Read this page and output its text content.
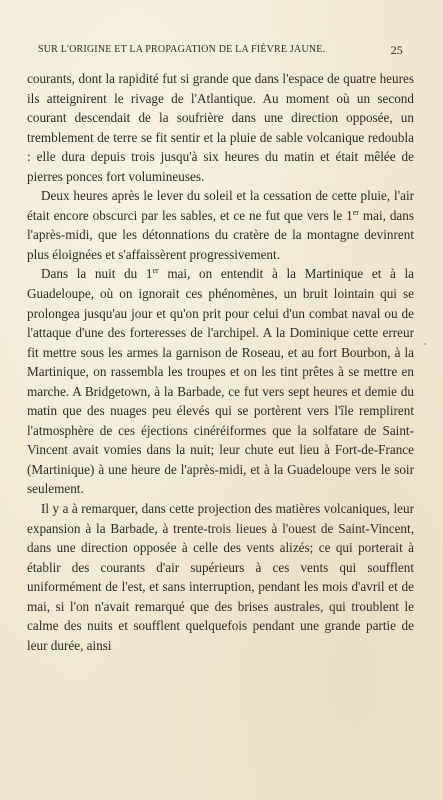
SUR L'ORIGINE ET LA PROPAGATION DE LA FIÈVRE JAUNE.	25

courants, dont la rapidité fut si grande que dans l'espace de quatre heures ils atteignirent le rivage de l'Atlantique. Au moment où un second courant descendait de la soufrière dans une direction opposée, un tremblement de terre se fit sentir et la pluie de sable volcanique redoubla : elle dura depuis trois jusqu'à six heures du matin et était mêlée de pierres ponces fort volumineuses.

Deux heures après le lever du soleil et la cessation de cette pluie, l'air était encore obscurci par les sables, et ce ne fut que vers le 1er mai, dans l'après-midi, que les détonnations du cratère de la montagne devinrent plus éloignées et s'affaissèrent progressivement.

Dans la nuit du 1er mai, on entendit à la Martinique et à la Guadeloupe, où on ignorait ces phénomènes, un bruit lointain qui se prolongea jusqu'au jour et qu'on prit pour celui d'un combat naval ou de l'attaque d'une des forteresses de l'archipel. A la Dominique cette erreur fit mettre sous les armes la garnison de Roseau, et au fort Bourbon, à la Martinique, on rassembla les troupes et on les tint prêtes à se mettre en marche. A Bridgetown, à la Barbade, ce fut vers sept heures et demie du matin que des nuages peu élevés qui se portèrent vers l'île remplirent l'atmosphère de ces éjections cinéréiformes que la solfatare de Saint-Vincent avait vomies dans la nuit; leur chute eut lieu à Fort-de-France (Martinique) à une heure de l'après-midi, et à la Guadeloupe vers le soir seulement.

Il y a à remarquer, dans cette projection des matières volcaniques, leur expansion à la Barbade, à trente-trois lieues à l'ouest de Saint-Vincent, dans une direction opposée à celle des vents alizés; ce qui porterait à établir des courants d'air supérieurs à ces vents qui soufflent uniformément de l'est, et sans interruption, pendant les mois d'avril et de mai, si l'on n'avait remarqué que des brises australes, qui troublent le calme des nuits et soufflent quelquefois pendant une grande partie de leur durée, ainsi
